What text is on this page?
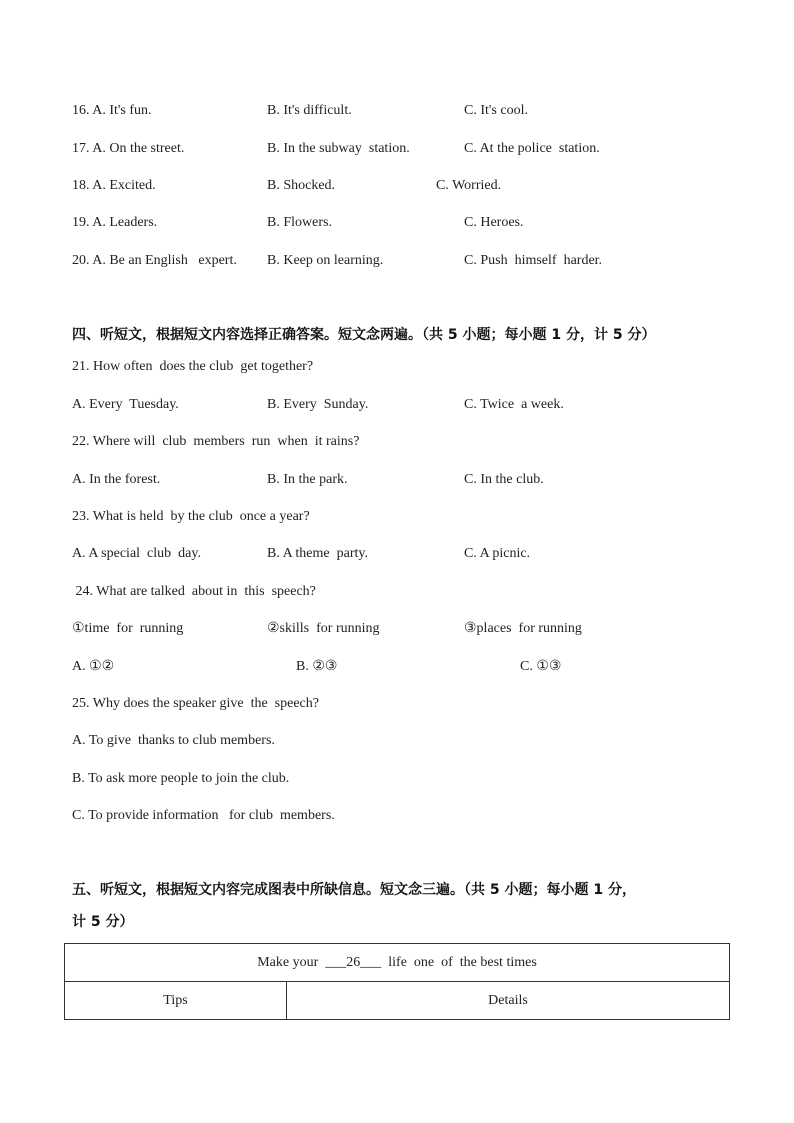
16. A. It's fun.	B. It's difficult.	C. It's cool.
17. A. On the street.	B. In the subway  station.	C. At the police  station.
18. A. Excited.	B. Shocked.	C. Worried.
19. A. Leaders.	B. Flowers.	C. Heroes.
20. A. Be an English   expert. B. Keep on learning.	C. Push  himself  harder.
四、听短文，根据短文内容选择正确答案。短文念两遍。（共 5 小题；每小题 1 分，计 5 分）
21. How often  does the club  get together?
A. Every  Tuesday.	B. Every  Sunday.	C. Twice  a week.
22. Where will  club  members  run  when  it rains?
A. In the forest.	B. In the park.	C. In the club.
23. What is held  by the club  once a year?
A. A special  club  day.	B. A theme  party.	C. A picnic.
24. What are talked  about in  this  speech?
①time  for  running	②skills  for running	③places  for running
A. ①②	B. ②③	C. ①③
25. Why does the speaker give  the  speech?
A. To give  thanks to club members.
B. To ask more people to join the club.
C. To provide information   for club  members.
五、听短文，根据短文内容完成图表中所缺信息。短文念三遍。（共 5 小题；每小题 1 分，
计 5 分）
Make your  ___26___  life  one  of  the best times
Tips	Details
